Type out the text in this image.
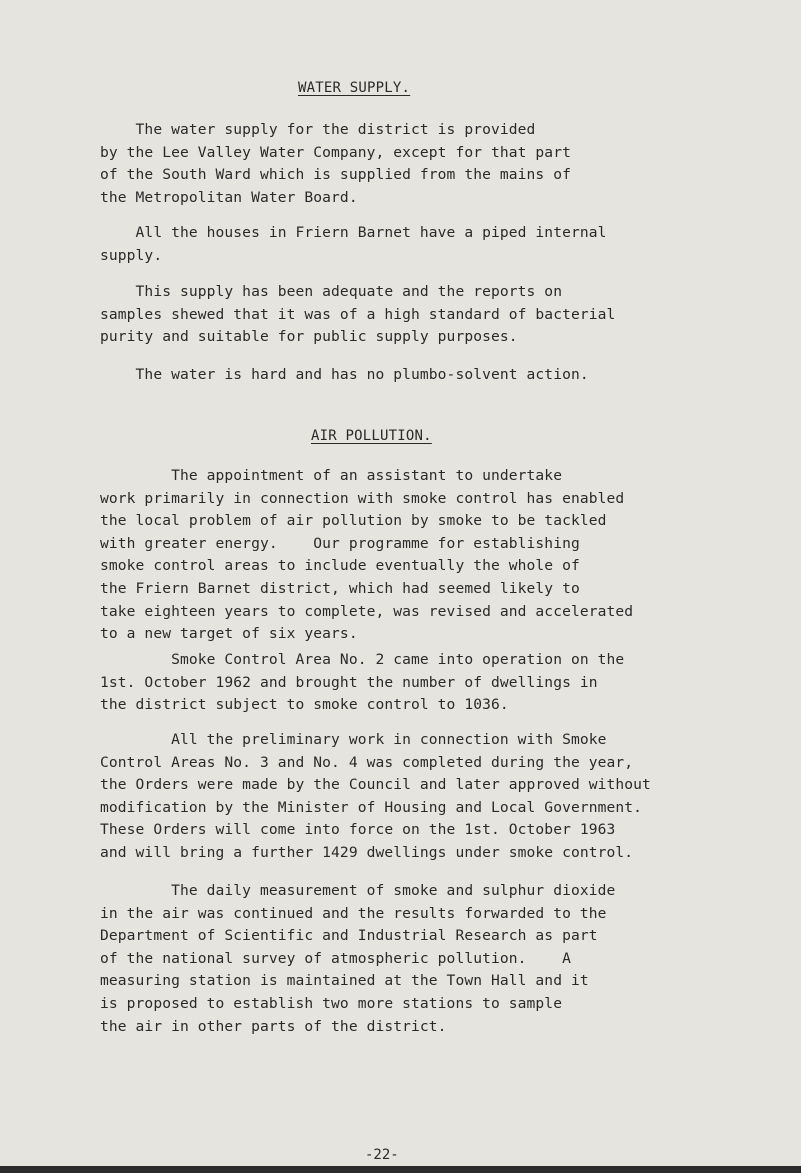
WATER SUPPLY.

The water supply for the district is provided
by the Lee Valley Water Company, except for that part
of the South Ward which is supplied from the mains of
the Metropolitan Water Board.

All the houses in Friern Barnet have a piped internal
supply.

This supply has been adequate and the reports on
samples shewed that it was of a high standard of bacterial
purity and suitable for public supply purposes.

The water is hard and has no plumbo-solvent action.

AIR POLLUTION.

The appointment of an assistant to undertake
work primarily in connection with smoke control has enabled
the local problem of air pollution by smoke to be tackled
with greater energy.    Our programme for establishing
smoke control areas to include eventually the whole of
the Friern Barnet district, which had seemed likely to
take eighteen years to complete, was revised and accelerated
to a new target of six years.

Smoke Control Area No. 2 came into operation on the
1st. October 1962 and brought the number of dwellings in
the district subject to smoke control to 1036.

All the preliminary work in connection with Smoke
Control Areas No. 3 and No. 4 was completed during the year,
the Orders were made by the Council and later approved without
modification by the Minister of Housing and Local Government.
These Orders will come into force on the 1st. October 1963
and will bring a further 1429 dwellings under smoke control.

The daily measurement of smoke and sulphur dioxide
in the air was continued and the results forwarded to the
Department of Scientific and Industrial Research as part
of the national survey of atmospheric pollution.    A
measuring station is maintained at the Town Hall and it
is proposed to establish two more stations to sample
the air in other parts of the district.

-22-
